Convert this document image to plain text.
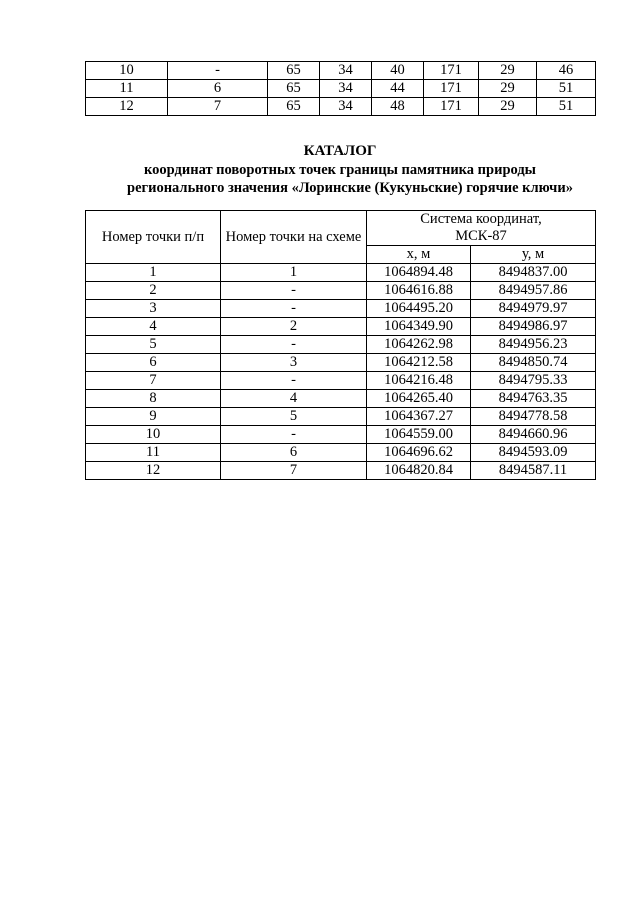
10	-	65	34	40	171	29	46
11	6	65	34	44	171	29	51
12	7	65	34	48	171	29	51
КАТАЛОГ
координат поворотных точек границы памятника природы
регионального значения «Лоринские (Кукуньские) горячие ключи»
Номер точки п/п	Номер точки на схеме	Система координат,
МСК-87	

		х, м	у, м
1	1	1064894.48	8494837.00
2	-	1064616.88	8494957.86
3	-	1064495.20	8494979.97
4	2	1064349.90	8494986.97
5	-	1064262.98	8494956.23
6	3	1064212.58	8494850.74
7	-	1064216.48	8494795.33
8	4	1064265.40	8494763.35
9	5	1064367.27	8494778.58
10	-	1064559.00	8494660.96
11	6	1064696.62	8494593.09
12	7	1064820.84	8494587.11
